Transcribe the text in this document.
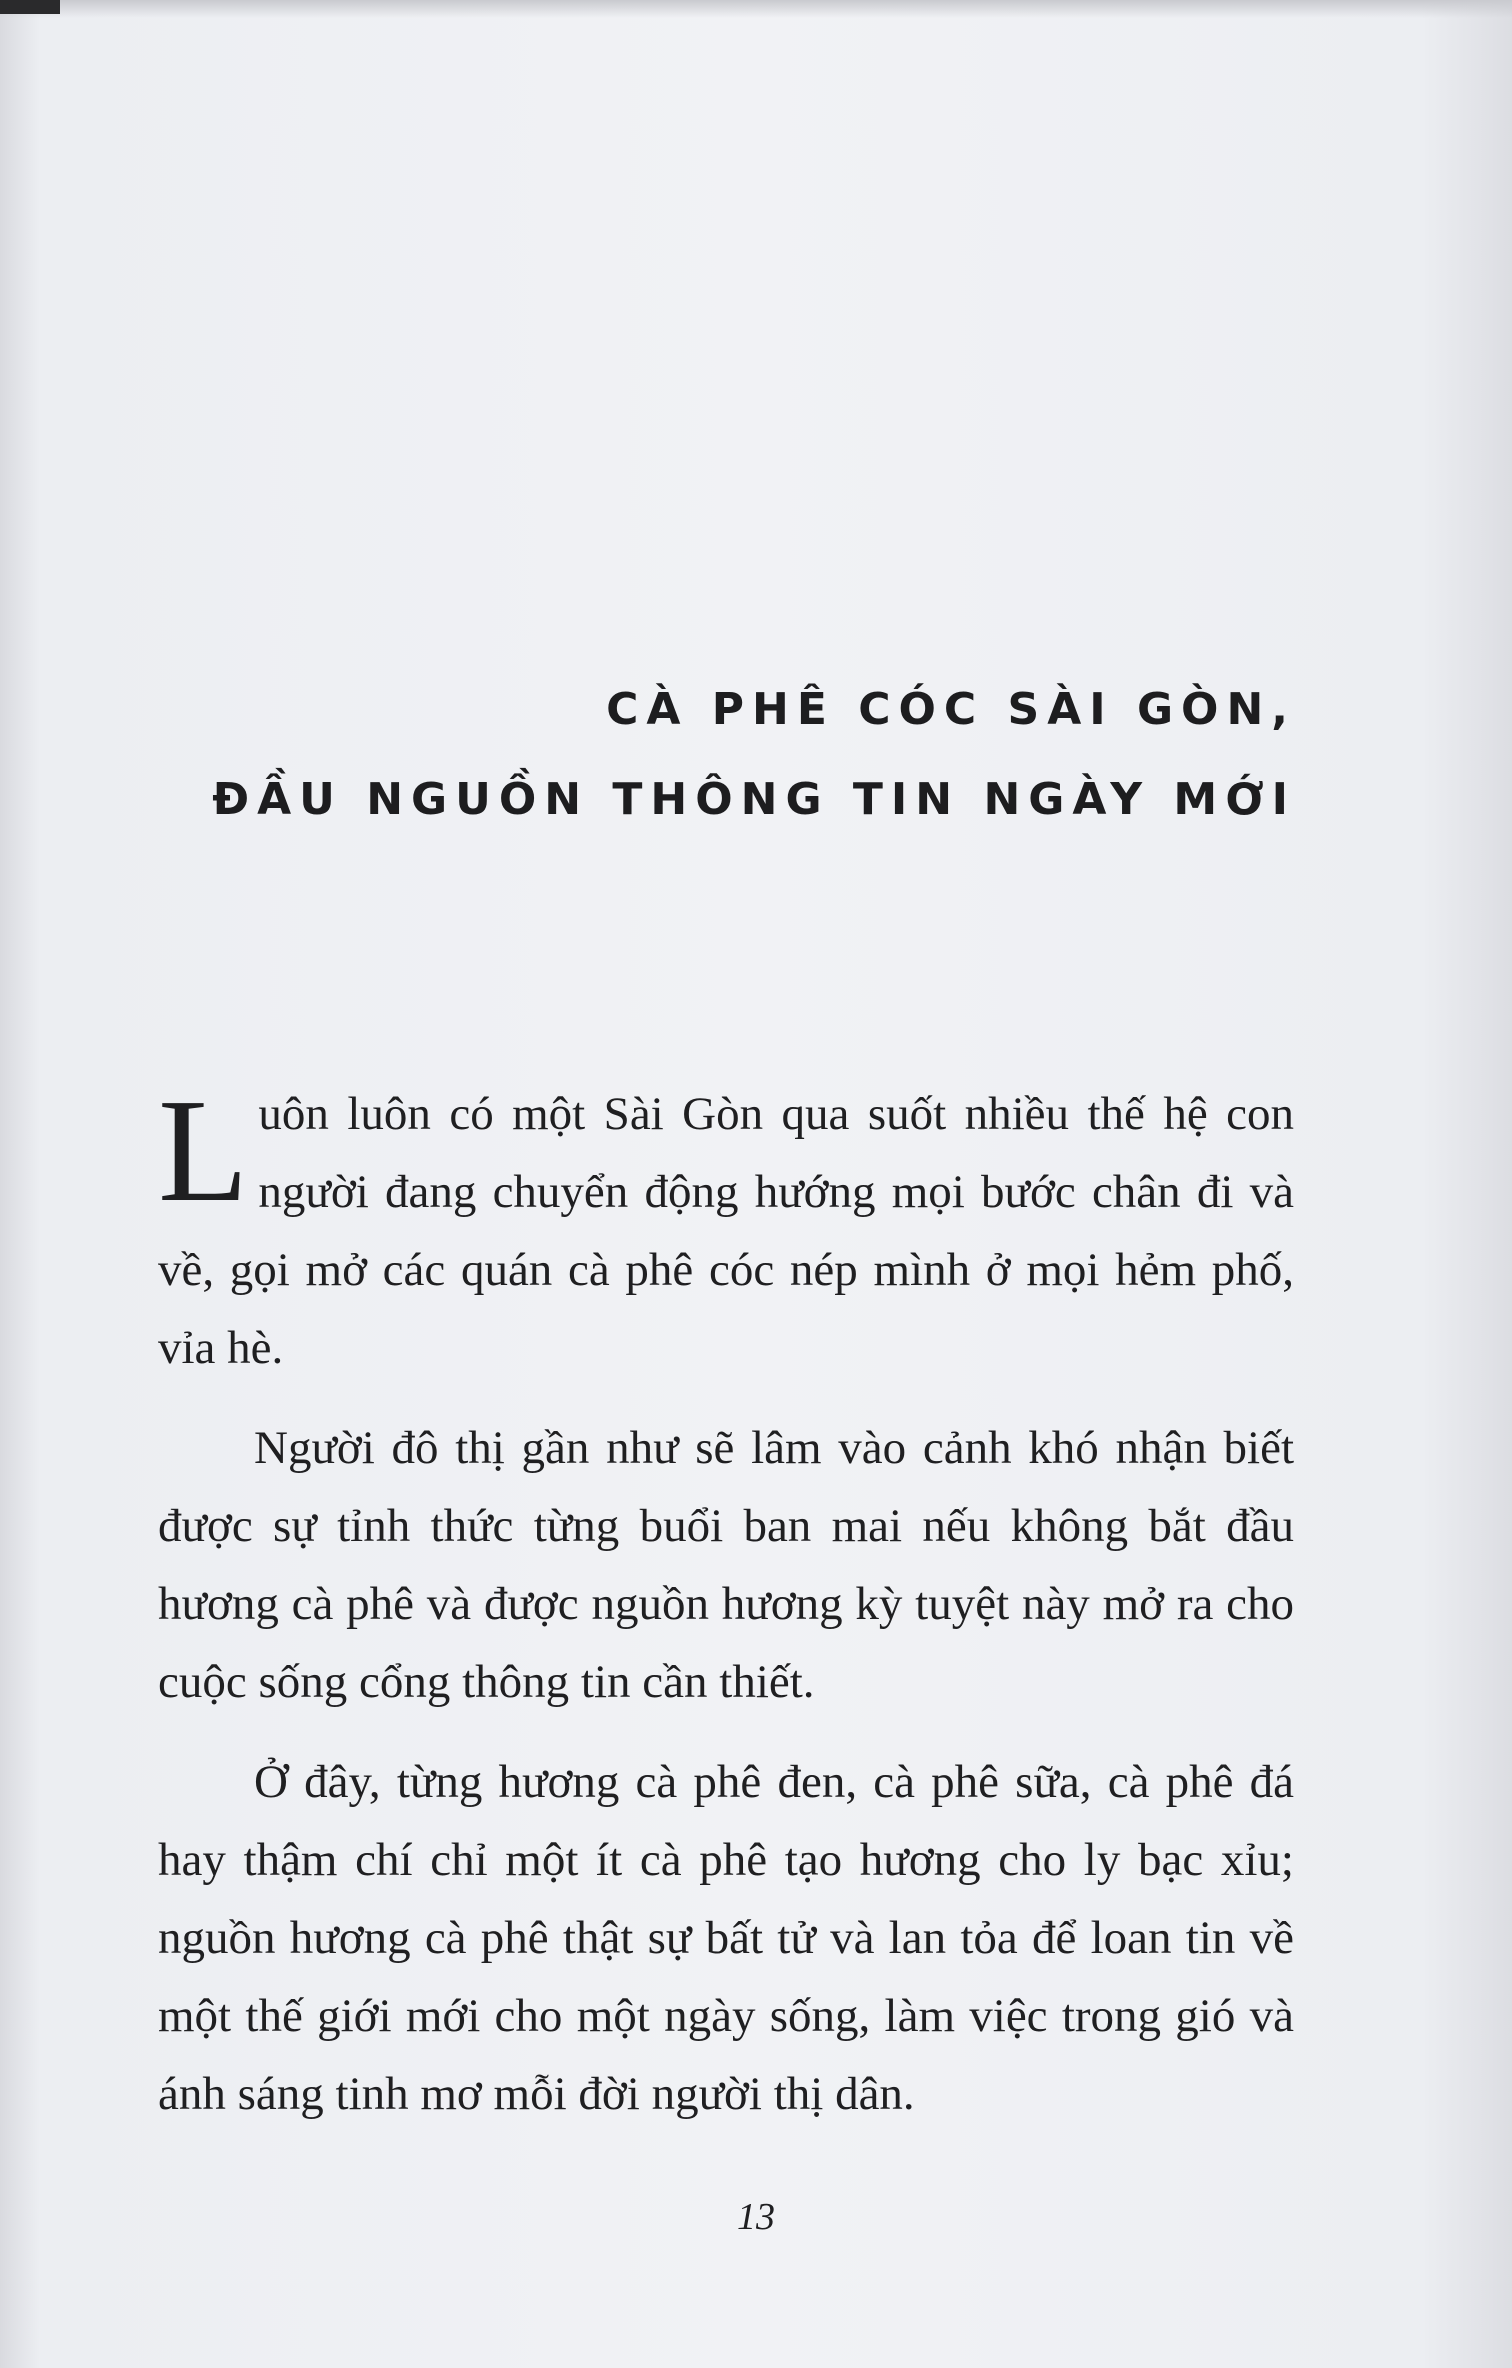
CÀ PHÊ CÓC SÀI GÒN,
ĐẦU NGUỒN THÔNG TIN NGÀY MỚI

Luôn luôn có một Sài Gòn qua suốt nhiều thế hệ con người đang chuyển động hướng mọi bước chân đi và về, gọi mở các quán cà phê cóc nép mình ở mọi hẻm phố, vỉa hè.

Người đô thị gần như sẽ lâm vào cảnh khó nhận biết được sự tỉnh thức từng buổi ban mai nếu không bắt đầu hương cà phê và được nguồn hương kỳ tuyệt này mở ra cho cuộc sống cổng thông tin cần thiết.

Ở đây, từng hương cà phê đen, cà phê sữa, cà phê đá hay thậm chí chỉ một ít cà phê tạo hương cho ly bạc xỉu; nguồn hương cà phê thật sự bất tử và lan tỏa để loan tin về một thế giới mới cho một ngày sống, làm việc trong gió và ánh sáng tinh mơ mỗi đời người thị dân.

13
